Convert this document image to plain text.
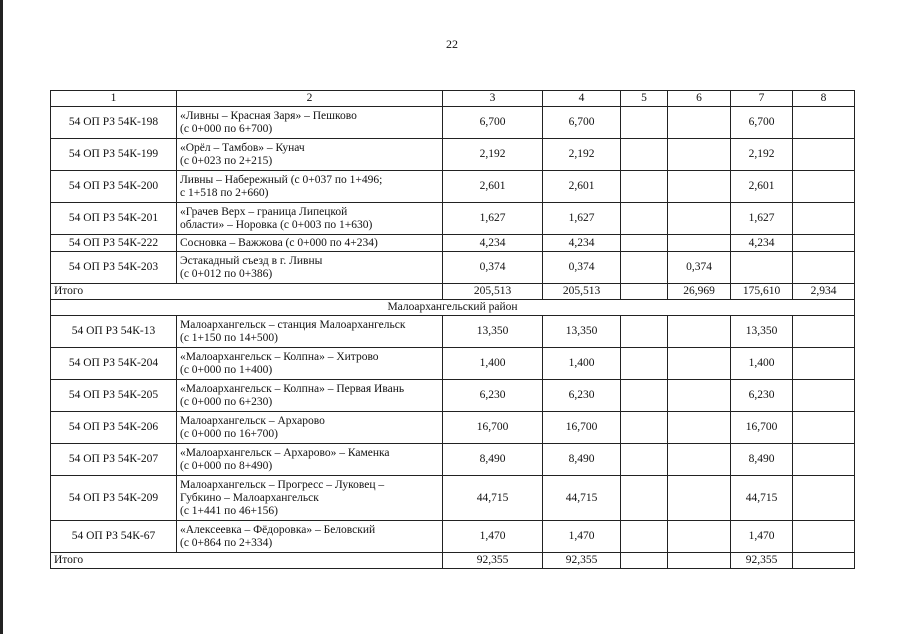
22
1	2	3	4	5	6	7	8
54 ОП РЗ 54К-198	«Ливны – Красная Заря» – Пешково
(с 0+000 по 6+700)	6,700	6,700			6,700	
54 ОП РЗ 54К-199	«Орёл – Тамбов» – Кунач
(с 0+023 по 2+215)	2,192	2,192			2,192	
54 ОП РЗ 54К-200	Ливны – Набережный (с 0+037 по 1+496;
с 1+518 по 2+660)	2,601	2,601			2,601	
54 ОП РЗ 54К-201	«Грачев Верх – граница Липецкой
области» – Норовка (с 0+003 по 1+630)	1,627	1,627			1,627	
54 ОП РЗ 54К-222	Сосновка – Важжова (с 0+000 по 4+234)	4,234	4,234			4,234	
54 ОП РЗ 54К-203	Эстакадный съезд в г. Ливны
(с 0+012 по 0+386)	0,374	0,374		0,374		
Итого		205,513	205,513		26,969	175,610	2,934
Малоархангельский район							
54 ОП РЗ 54К-13	Малоархангельск – станция Малоархангельск
(с 1+150 по 14+500)	13,350	13,350			13,350	
54 ОП РЗ 54К-204	«Малоархангельск – Колпна» – Хитрово
(с 0+000 по 1+400)	1,400	1,400			1,400	
54 ОП РЗ 54К-205	«Малоархангельск – Колпна» – Первая Ивань
(с 0+000 по 6+230)	6,230	6,230			6,230	
54 ОП РЗ 54К-206	Малоархангельск – Архарово
(с 0+000 по 16+700)	16,700	16,700			16,700	
54 ОП РЗ 54К-207	«Малоархангельск – Архарово» – Каменка
(с 0+000 по 8+490)	8,490	8,490			8,490	
54 ОП РЗ 54К-209	Малоархангельск – Прогресс – Луковец –
Губкино – Малоархангельск
(с 1+441 по 46+156)	44,715	44,715			44,715	
54 ОП РЗ 54К-67	«Алексеевка – Фёдоровка» – Беловский
(с 0+864 по 2+334)	1,470	1,470			1,470	
Итого		92,355	92,355			92,355	
